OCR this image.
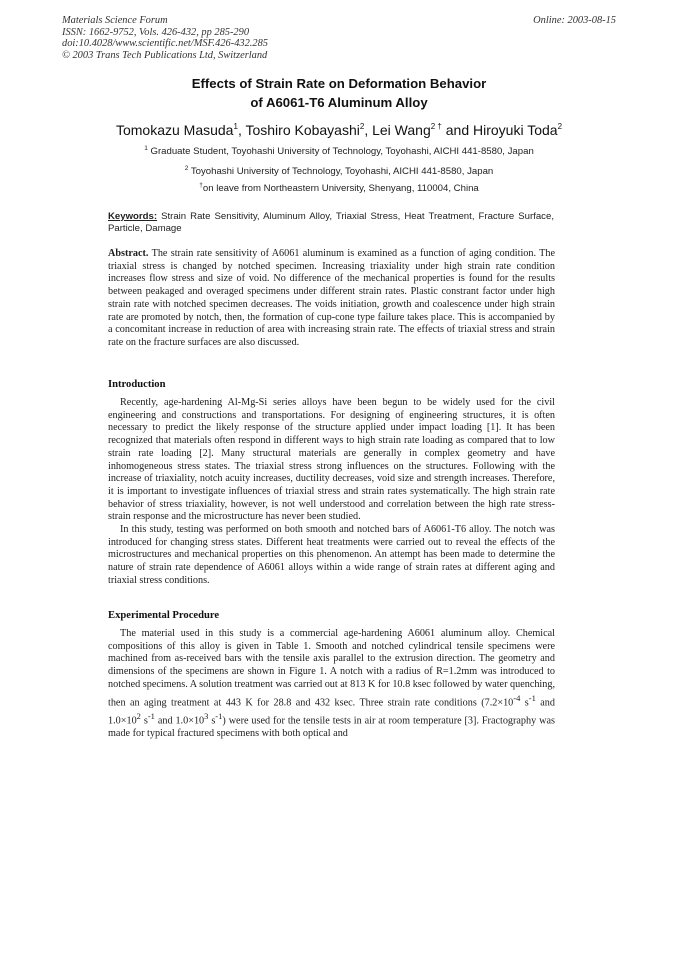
Materials Science Forum
ISSN: 1662-9752, Vols. 426-432, pp 285-290
doi:10.4028/www.scientific.net/MSF.426-432.285
© 2003 Trans Tech Publications Ltd, Switzerland
Online: 2003-08-15
Effects of Strain Rate on Deformation Behavior
of A6061-T6 Aluminum Alloy
Tomokazu Masuda$^1$, Toshiro Kobayashi$^2$, Lei Wang$^{2 \dagger}$ and Hiroyuki Toda$^2$
$^1$ Graduate Student, Toyohashi University of Technology, Toyohashi, AICHI 441-8580, Japan
$^2$ Toyohashi University of Technology, Toyohashi, AICHI 441-8580, Japan
†on leave from Northeastern University, Shenyang, 110004, China
Keywords: Strain Rate Sensitivity, Aluminum Alloy, Triaxial Stress, Heat Treatment, Fracture Surface, Particle, Damage

Abstract. The strain rate sensitivity of A6061 aluminum is examined as a function of aging condition. The triaxial stress is changed by notched specimen. Increasing triaxiality under high strain rate condition increases flow stress and size of void. No difference of the mechanical properties is found for the results between peakaged and overaged specimens under different strain rates. Plastic constrant factor under high strain rate with notched specimen decreases. The voids initiation, growth and coalescence under high strain rate are promoted by notch, then, the formation of cup-cone type failure takes place. This is accompanied by a concomitant increase in reduction of area with increasing strain rate. The effects of triaxial stress and strain rate on the fracture surfaces are also discussed.

Introduction

Recently, age-hardening Al-Mg-Si series alloys have been begun to be widely used for the civil engineering and constructions and transportations. For designing of engineering structures, it is often necessary to predict the likely response of the structure applied under impact loading [1]. It has been recognized that materials often respond in different ways to high strain rate loading as compared that to low strain rate loading [2]. Many structural materials are generally in complex geometry and have inhomogeneous stress states. The triaxial stress strong influences on the structures. Following with the increase of triaxiality, notch acuity increases, ductility decreases, void size and strength increases. Therefore, it is important to investigate influences of triaxial stress and strain rates systematically. The high strain rate behavior of stress triaxiality, however, is not well understood and correlation between the high rate stress-strain response and the microstructure has never been studied.

In this study, testing was performed on both smooth and notched bars of A6061-T6 alloy. The notch was introduced for changing stress states. Different heat treatments were carried out to reveal the effects of the microstructures and mechanical properties on this phenomenon. An attempt has been made to determine the nature of strain rate dependence of A6061 alloys within a wide range of strain rates at different aging and triaxial stress conditions.

Experimental Procedure

The material used in this study is a commercial age-hardening A6061 aluminum alloy. Chemical compositions of this alloy is given in Table 1. Smooth and notched cylindrical tensile specimens were machined from as-received bars with the tensile axis parallel to the extrusion direction. The geometry and dimensions of the specimens are shown in Figure 1. A notch with a radius of R=1.2mm was introduced to notched specimens. A solution treatment was carried out at 813 K for 10.8 ksec followed by water quenching, then an aging treatment at 443 K for 28.8 and 432 ksec. Three strain rate conditions ($7.2\times 10^{-4}$ $s^{-1}$ and $1.0\times 10^2$ $s^{-1}$ and $1.0\times 10^3$ $s^{-1}$) were used for the tensile tests in air at room temperature [3]. Fractography was made for typical fractured specimens with both optical and
